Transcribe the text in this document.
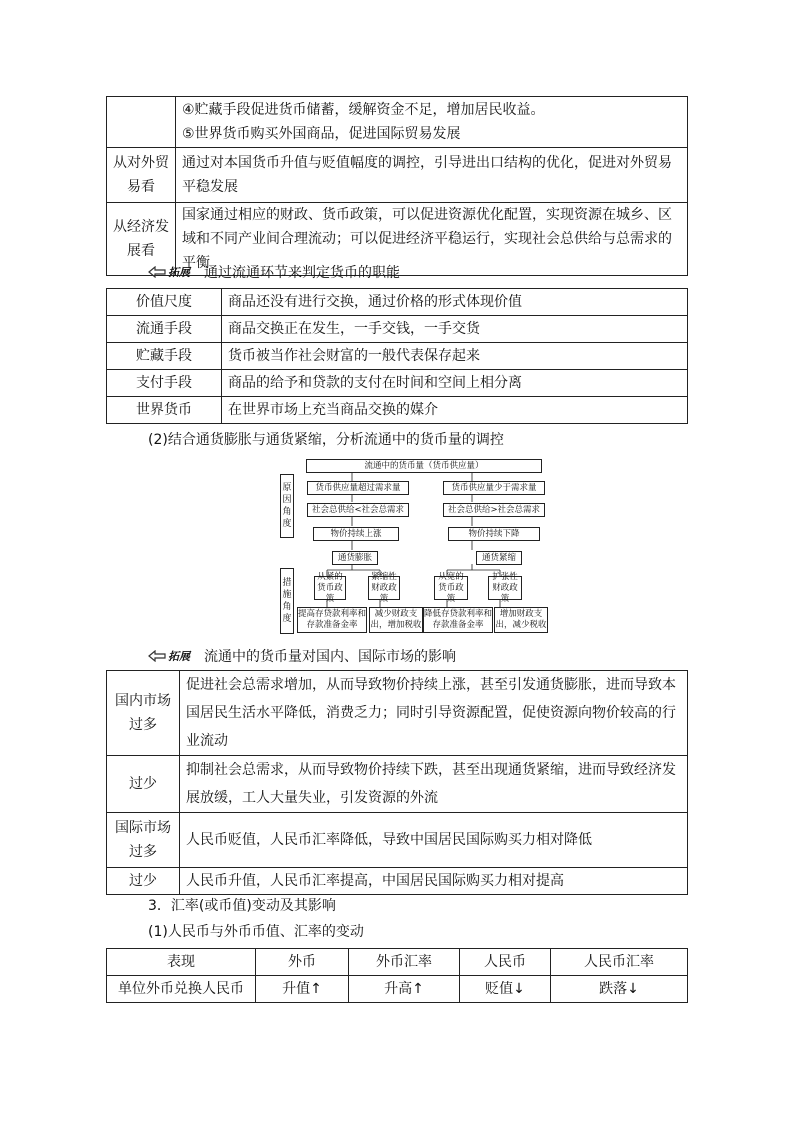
	④贮藏手段促进货币储蓄，缓解资金不足，增加居民收益。
⑤世界货币购买外国商品，促进国际贸易发展

从对外贸易看	通过对本国货币升值与贬值幅度的调控，引导进出口结构的优化，促进对外贸易平稳发展
从经济发展看	国家通过相应的财政、货币政策，可以促进资源优化配置，实现资源在城乡、区域和不同产业间合理流动；可以促进经济平稳运行，实现社会总供给与总需求的平衡
拓展 通过流通环节来判定货币的职能
价值尺度	商品还没有进行交换，通过价格的形式体现价值
流通手段	商品交换正在发生，一手交钱，一手交货
贮藏手段	货币被当作社会财富的一般代表保存起来
支付手段	商品的给予和贷款的支付在时间和空间上相分离
世界货币	在世界市场上充当商品交换的媒介
(2)结合通货膨胀与通货紧缩，分析流通中的货币量的调控
流通中的货币量（货币供应量）
原因角度
措施角度
货币供应量超过需求量
社会总供给<社会总需求
物价持续上涨
通货膨胀
从紧的货币政策
紧缩性财政政策
提高存贷款利率和存款准备金率
减少财政支出，增加税收
货币供应量少于需求量
社会总供给>社会总需求
物价持续下降
通货紧缩
从宽的货币政策
扩张性财政政策
降低存贷款利率和存款准备金率
增加财政支出，减少税收
拓展 流通中的货币量对国内、国际市场的影响
国内市场过多	促进社会总需求增加，从而导致物价持续上涨，甚至引发通货膨胀，进而导致本国居民生活水平降低，消费乏力；同时引导资源配置，促使资源向物价较高的行业流动
过少	抑制社会总需求，从而导致物价持续下跌，甚至出现通货紧缩，进而导致经济发展放缓，工人大量失业，引发资源的外流
国际市场过多	人民币贬值，人民币汇率降低，导致中国居民国际购买力相对降低
过少	人民币升值，人民币汇率提高，中国居民国际购买力相对提高
3．汇率(或币值)变动及其影响
(1)人民币与外币币值、汇率的变动
表现	外币	外币汇率	人民币	人民币汇率
单位外币兑换人民币	升值↑	升高↑	贬值↓	跌落↓
